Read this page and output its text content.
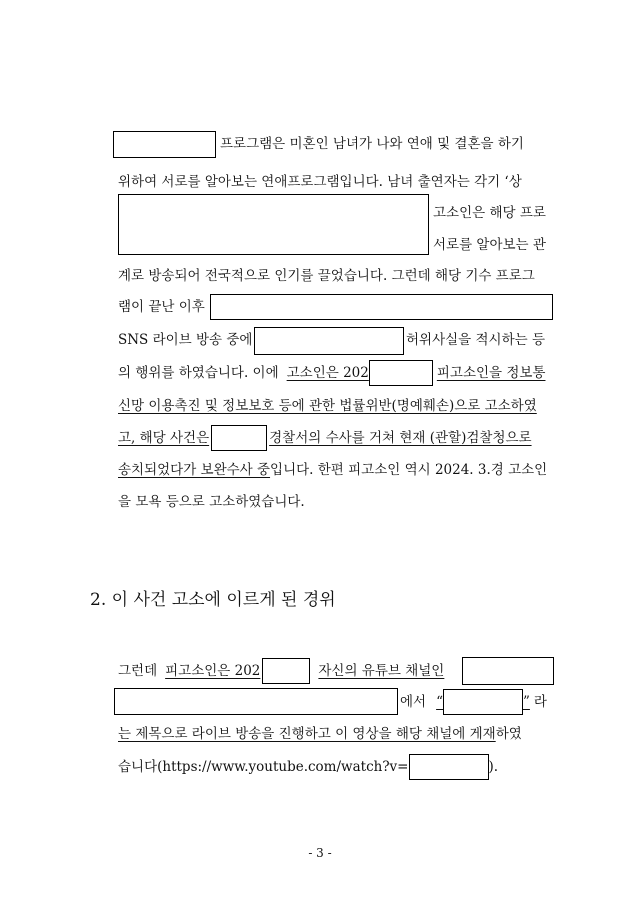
프로그램은 미혼인 남녀가 나와 연애 및 결혼을 하기
위하여 서로를 알아보는 연애프로그램입니다. 남녀 출연자는 각기 ‘상
고소인은 해당 프로
서로를 알아보는 관
계로 방송되어 전국적으로 인기를 끌었습니다. 그런데 해당 기수 프로그
램이 끝난 이후
SNS 라이브 방송 중에	허위사실을 적시하는 등
의 행위를 하였습니다. 이에 고소인은 202	피고소인을 정보통
신망 이용촉진 및 정보보호 등에 관한 법률위반(명예훼손)으로 고소하였
고, 해당 사건은	경찰서의 수사를 거쳐 현재 (관할)검찰청으로
송치되었다가 보완수사 중 입니다. 한편 피고소인 역시 2024. 3.경 고소인
을 모욕 등으로 고소하였습니다.
2. 이 사건 고소에 이르게 된 경위
그런데 피고소인은 202	자신의 유튜브 채널인
에서 “	” 라
는 제목으로 라이브 방송을 진행하고 이 영상을 해당 채널에 게재 하였
습니다(https://www.youtube.com/watch?v=	).
- 3 -
